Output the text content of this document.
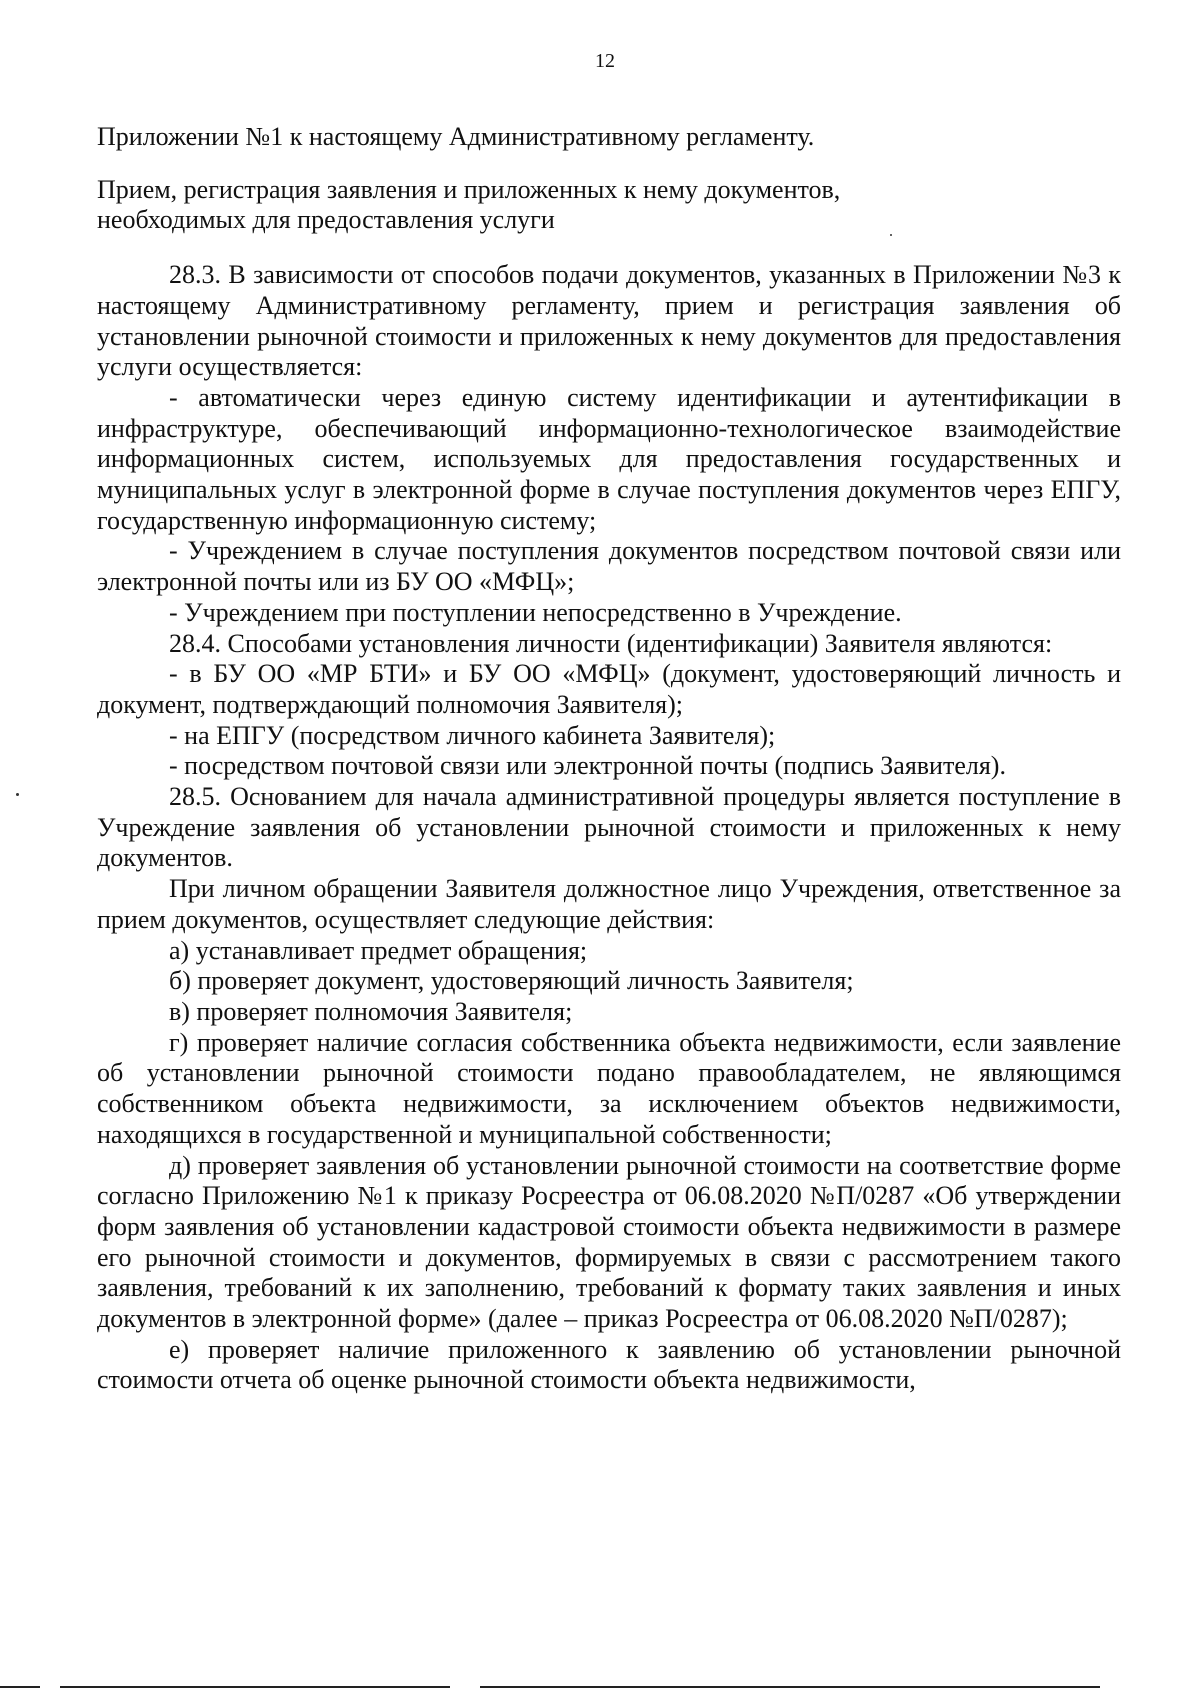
12

Приложении №1 к настоящему Административному регламенту.

Прием, регистрация заявления и приложенных к нему документов,

необходимых для предоставления услуги

28.3. В зависимости от способов подачи документов, указанных в Приложении №3 к настоящему Административному регламенту, прием и регистрация заявления об установлении рыночной стоимости и приложенных к нему документов для предоставления услуги осуществляется:

- автоматически через единую систему идентификации и аутентификации в инфраструктуре, обеспечивающий информационно-технологическое взаимодействие информационных систем, используемых для предоставления государственных и муниципальных услуг в электронной форме в случае поступления документов через ЕПГУ, государственную информационную систему;

- Учреждением в случае поступления документов посредством почтовой связи или электронной почты или из БУ ОО «МФЦ»;

- Учреждением при поступлении непосредственно в Учреждение.

28.4. Способами установления личности (идентификации) Заявителя являются:

- в БУ ОО «МР БТИ» и БУ ОО «МФЦ» (документ, удостоверяющий личность и документ, подтверждающий полномочия Заявителя);

- на ЕПГУ (посредством личного кабинета Заявителя);

- посредством почтовой связи или электронной почты (подпись Заявителя).

28.5. Основанием для начала административной процедуры является поступление в Учреждение заявления об установлении рыночной стоимости и приложенных к нему документов.

При личном обращении Заявителя должностное лицо Учреждения, ответственное за прием документов, осуществляет следующие действия:

а) устанавливает предмет обращения;

б) проверяет документ, удостоверяющий личность Заявителя;

в) проверяет полномочия Заявителя;

г) проверяет наличие согласия собственника объекта недвижимости, если заявление об установлении рыночной стоимости подано правообладателем, не являющимся собственником объекта недвижимости, за исключением объектов недвижимости, находящихся в государственной и муниципальной собственности;

д) проверяет заявления об установлении рыночной стоимости на соответствие форме согласно Приложению №1 к приказу Росреестра от 06.08.2020 №П/0287 «Об утверждении форм заявления об установлении кадастровой стоимости объекта недвижимости в размере его рыночной стоимости и документов, формируемых в связи с рассмотрением такого заявления, требований к их заполнению, требований к формату таких заявления и иных документов в электронной форме» (далее – приказ Росреестра от 06.08.2020 №П/0287);

е) проверяет наличие приложенного к заявлению об установлении рыночной стоимости отчета об оценке рыночной стоимости объекта недвижимости,
